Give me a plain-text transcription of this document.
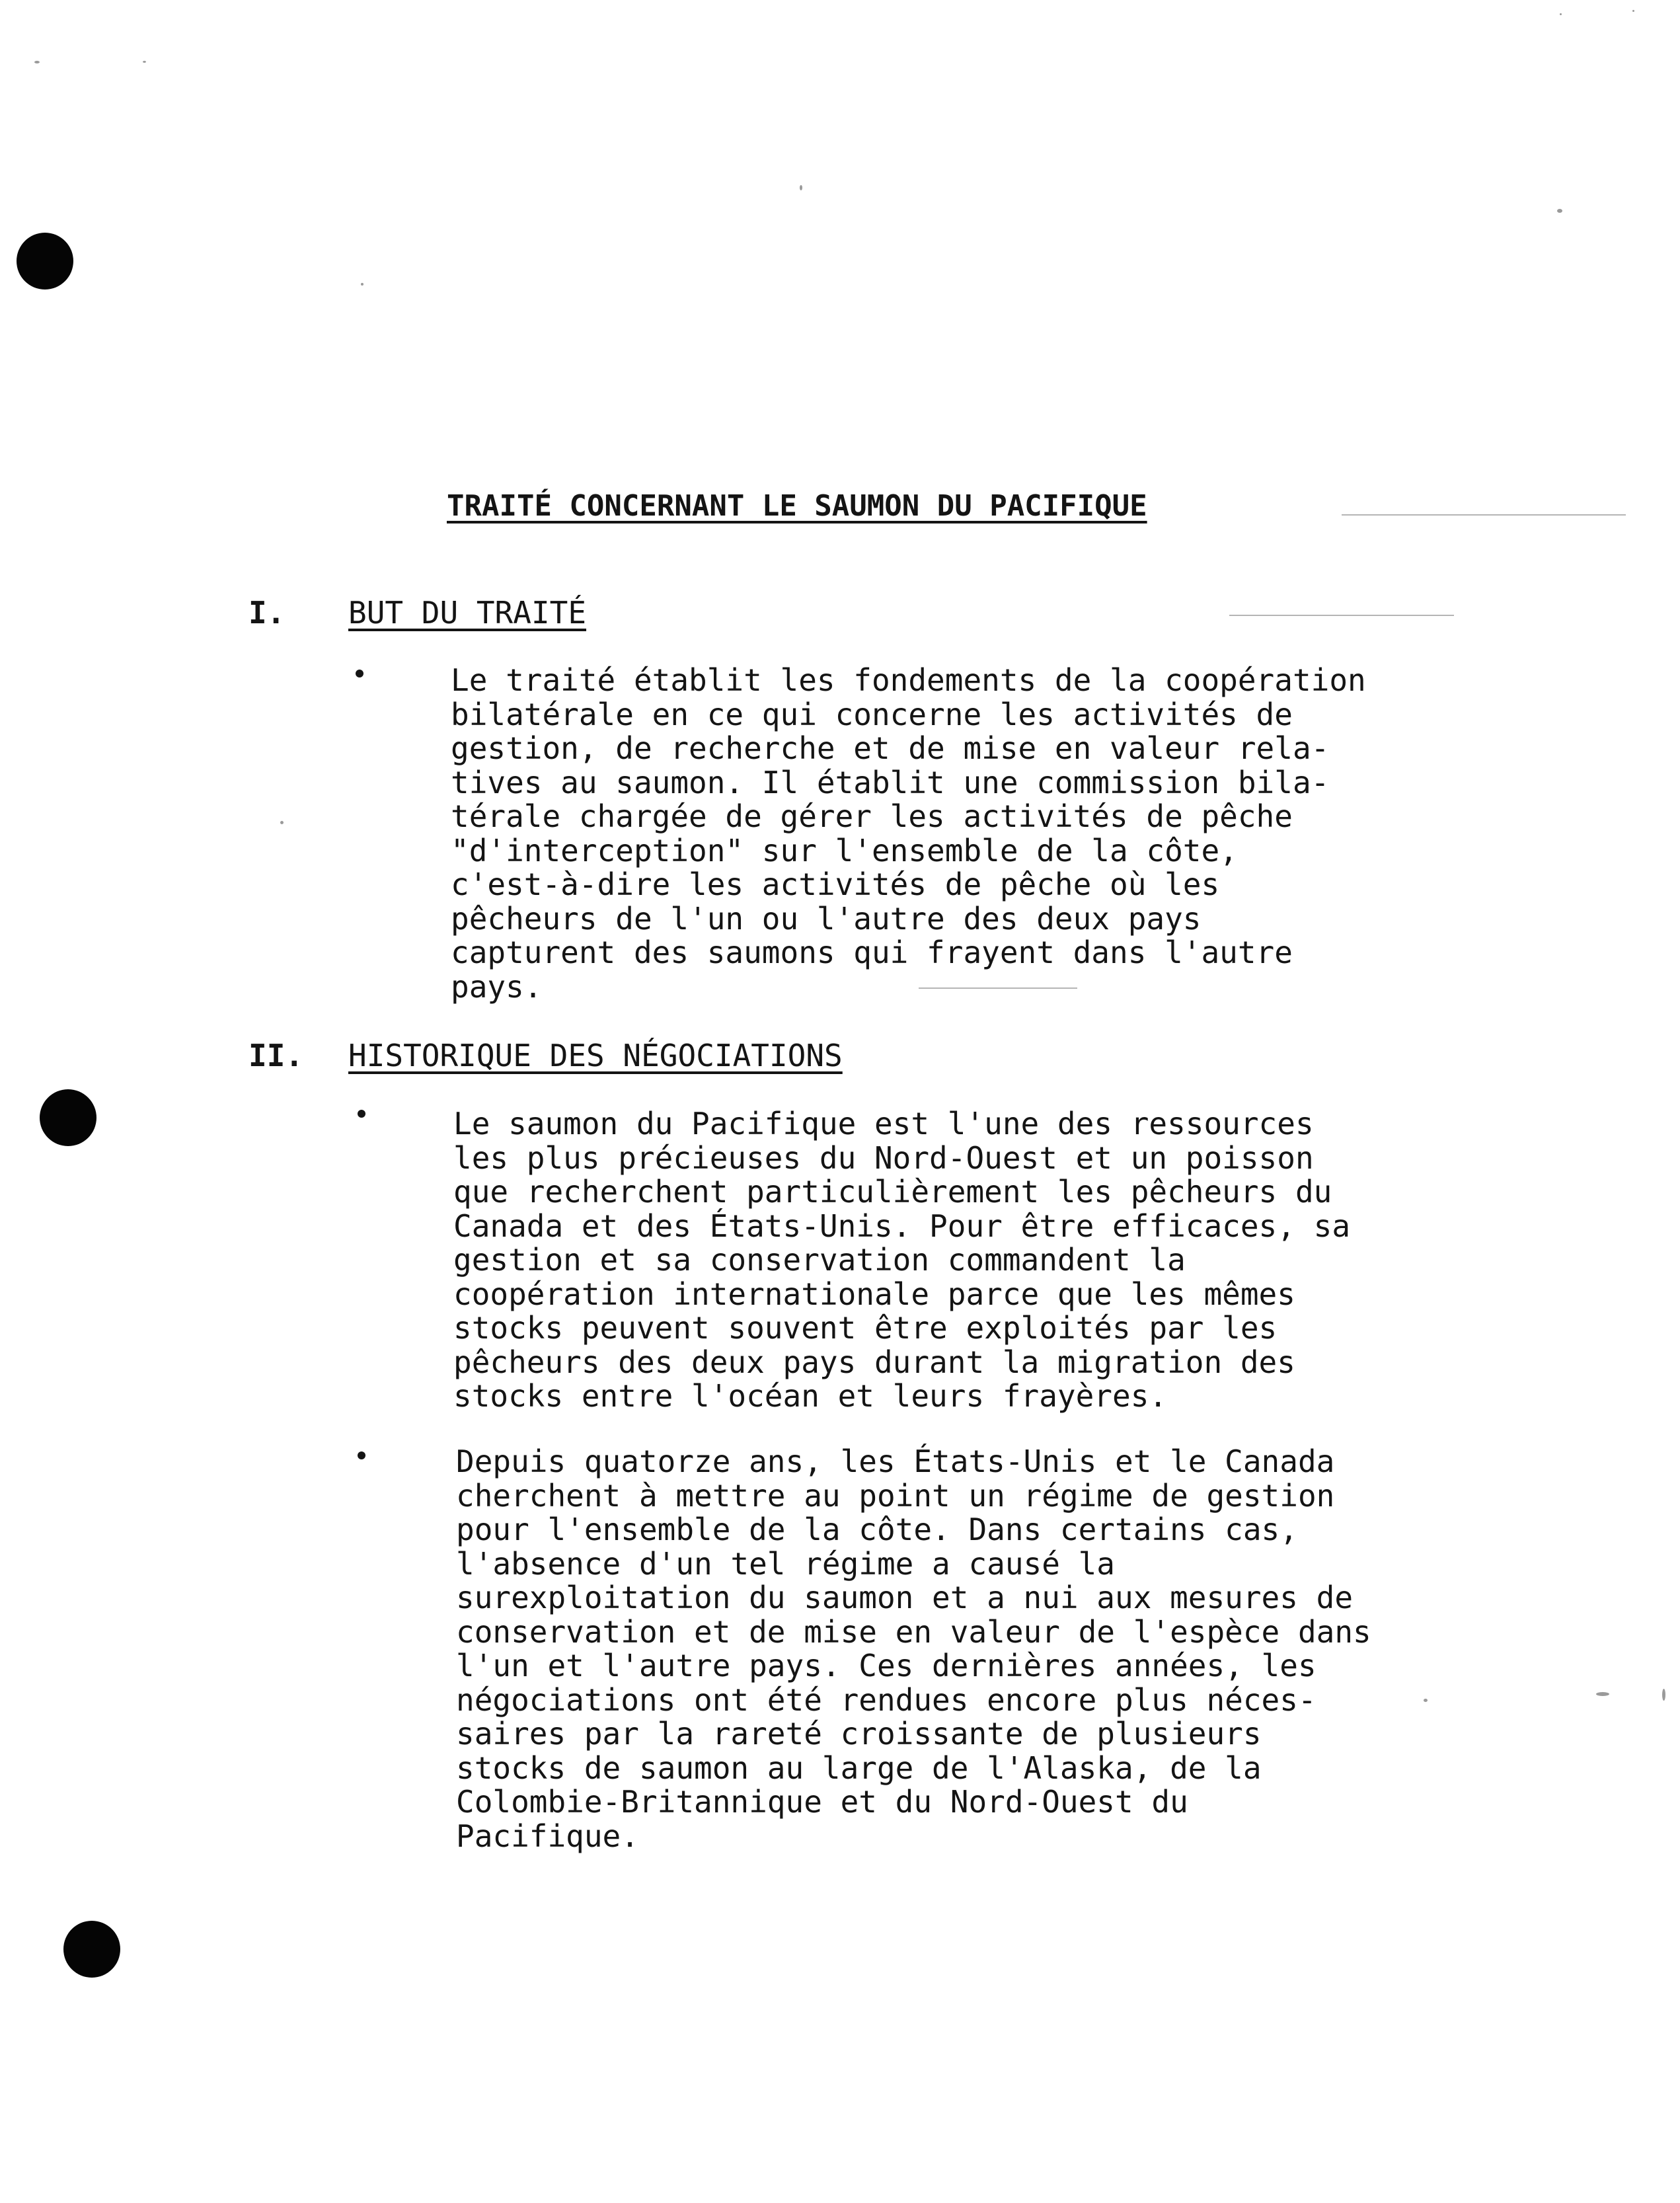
TRAITÉ CONCERNANT LE SAUMON DU PACIFIQUE
I. BUT DU TRAITÉ

Le traité établit les fondements de la coopération
bilatérale en ce qui concerne les activités de
gestion, de recherche et de mise en valeur rela-
tives au saumon. Il établit une commission bila-
térale chargée de gérer les activités de pêche
"d'interception" sur l'ensemble de la côte,
c'est-à-dire les activités de pêche où les
pêcheurs de l'un ou l'autre des deux pays
capturent des saumons qui frayent dans l'autre
pays.

II. HISTORIQUE DES NÉGOCIATIONS

Le saumon du Pacifique est l'une des ressources
les plus précieuses du Nord-Ouest et un poisson
que recherchent particulièrement les pêcheurs du
Canada et des États-Unis. Pour être efficaces, sa
gestion et sa conservation commandent la
coopération internationale parce que les mêmes
stocks peuvent souvent être exploités par les
pêcheurs des deux pays durant la migration des
stocks entre l'océan et leurs frayères.

Depuis quatorze ans, les États-Unis et le Canada
cherchent à mettre au point un régime de gestion
pour l'ensemble de la côte. Dans certains cas,
l'absence d'un tel régime a causé la
surexploitation du saumon et a nui aux mesures de
conservation et de mise en valeur de l'espèce dans
l'un et l'autre pays. Ces dernières années, les
négociations ont été rendues encore plus néces-
saires par la rareté croissante de plusieurs
stocks de saumon au large de l'Alaska, de la
Colombie-Britannique et du Nord-Ouest du
Pacifique.
